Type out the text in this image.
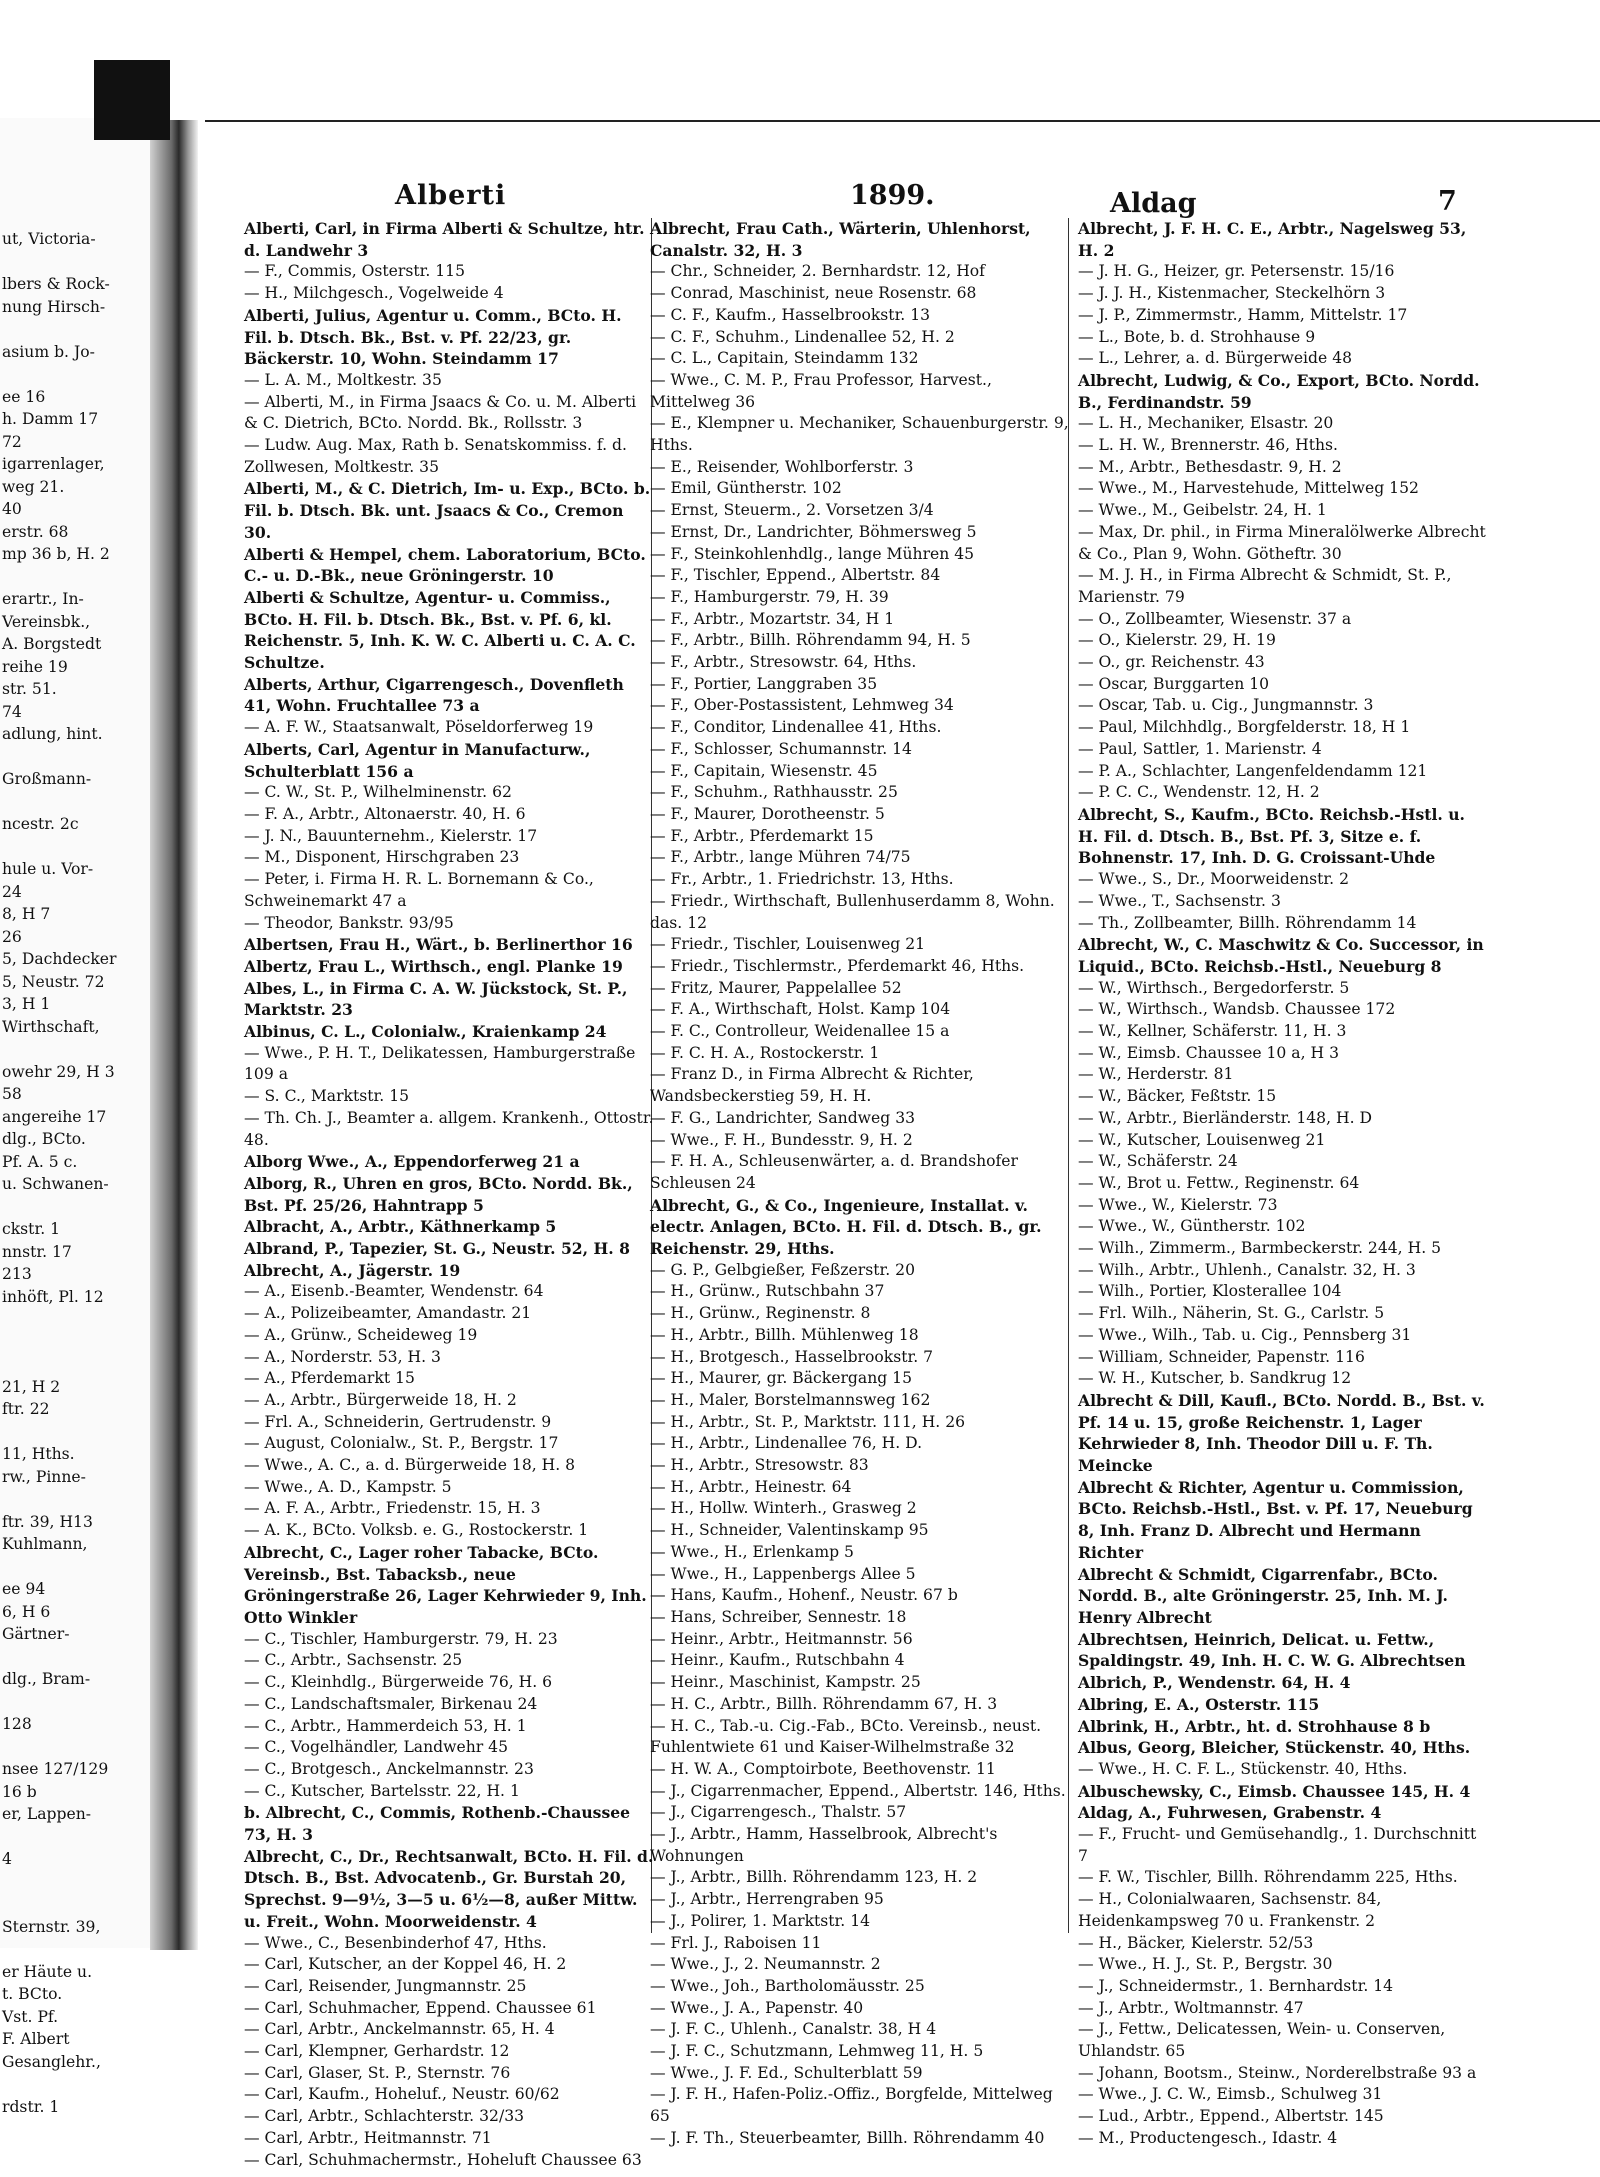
ut, Victoria-
lbers & Rock-
nung Hirsch-
asium b. Jo-
ee 16
h. Damm 17
72
igarrenlager,
weg 21.
40
erstr. 68
mp 36 b, H. 2
erartr., In-
Vereinsbk.,
A. Borgstedt
reihe 19
str. 51.
74
adlung, hint.
Großmann-
ncestr. 2c
hule u. Vor-
24
8, H 7
26
5, Dachdecker
5, Neustr. 72
3, H 1
Wirthschaft,
owehr 29, H 3
58
angereihe 17
dlg., BCto.
Pf. A. 5 c.
u. Schwanen-
ckstr. 1
nnstr. 17
213
inhöft, Pl. 12
21, H 2
ftr. 22
11, Hths.
rw., Pinne-
ftr. 39, H13
Kuhlmann,
ee 94
6, H 6
Gärtner-
dlg., Bram-
128
nsee 127/129
16 b
er, Lappen-
4
Sternstr. 39,
er Häute u.
t. BCto.
Vst. Pf.
F. Albert
Gesanglehr.,
rdstr. 1
Alberti	1899.	Aldag	7
Alberti, Carl, in Firma Alberti & Schultze, htr. d. Landwehr 3
— F., Commis, Osterstr. 115
— H., Milchgesch., Vogelweide 4
Alberti, Julius, Agentur u. Comm., BCto. H. Fil. b. Dtsch. Bk., Bst. v. Pf. 22/23, gr. Bäckerstr. 10, Wohn. Steindamm 17
— L. A. M., Moltkestr. 35
— Alberti, M., in Firma Jsaacs & Co. u. M. Alberti & C. Dietrich, BCto. Nordd. Bk., Rollsstr. 3
— Ludw. Aug. Max, Rath b. Senatskommiss. f. d. Zollwesen, Moltkestr. 35
Alberti, M., & C. Dietrich, Im- u. Exp., BCto. b. Fil. b. Dtsch. Bk. unt. Jsaacs & Co., Cremon 30.
Alberti & Hempel, chem. Laboratorium, BCto. C.- u. D.-Bk., neue Gröningerstr. 10
Alberti & Schultze, Agentur- u. Commiss., BCto. H. Fil. b. Dtsch. Bk., Bst. v. Pf. 6, kl. Reichenstr. 5, Inh. K. W. C. Alberti u. C. A. C. Schultze.
Alberts, Arthur, Cigarrengesch., Dovenfleth 41, Wohn. Fruchtallee 73 a
— A. F. W., Staatsanwalt, Pöseldorferweg 19
Alberts, Carl, Agentur in Manufacturw., Schulterblatt 156 a
— C. W., St. P., Wilhelminenstr. 62
— F. A., Arbtr., Altonaerstr. 40, H. 6
— J. N., Bauunternehm., Kielerstr. 17
— M., Disponent, Hirschgraben 23
— Peter, i. Firma H. R. L. Bornemann & Co., Schweinemarkt 47 a
— Theodor, Bankstr. 93/95
Albertsen, Frau H., Wärt., b. Berlinerthor 16
Albertz, Frau L., Wirthsch., engl. Planke 19
Albes, L., in Firma C. A. W. Jückstock, St. P., Marktstr. 23
Albinus, C. L., Colonialw., Kraienkamp 24
— Wwe., P. H. T., Delikatessen, Hamburgerstraße 109 a
— S. C., Marktstr. 15
— Th. Ch. J., Beamter a. allgem. Krankenh., Ottostr. 48.
Alborg Wwe., A., Eppendorferweg 21 a
Alborg, R., Uhren en gros, BCto. Nordd. Bk., Bst. Pf. 25/26, Hahntrapp 5
Albracht, A., Arbtr., Käthnerkamp 5
Albrand, P., Tapezier, St. G., Neustr. 52, H. 8
Albrecht, A., Jägerstr. 19
— A., Eisenb.-Beamter, Wendenstr. 64
— A., Polizeibeamter, Amandastr. 21
— A., Grünw., Scheideweg 19
— A., Norderstr. 53, H. 3
— A., Pferdemarkt 15
— A., Arbtr., Bürgerweide 18, H. 2
— Frl. A., Schneiderin, Gertrudenstr. 9
— August, Colonialw., St. P., Bergstr. 17
— Wwe., A. C., a. d. Bürgerweide 18, H. 8
— Wwe., A. D., Kampstr. 5
— A. F. A., Arbtr., Friedenstr. 15, H. 3
— A. K., BCto. Volksb. e. G., Rostockerstr. 1
Albrecht, C., Lager roher Tabacke, BCto. Vereinsb., Bst. Tabacksb., neue Gröningerstraße 26, Lager Kehrwieder 9, Inh. Otto Winkler
— C., Tischler, Hamburgerstr. 79, H. 23
— C., Arbtr., Sachsenstr. 25
— C., Kleinhdlg., Bürgerweide 76, H. 6
— C., Landschaftsmaler, Birkenau 24
— C., Arbtr., Hammerdeich 53, H. 1
— C., Vogelhändler, Landwehr 45
— C., Brotgesch., Anckelmannstr. 23
— C., Kutscher, Bartelsstr. 22, H. 1
b. Albrecht, C., Commis, Rothenb.-Chaussee 73, H. 3
Albrecht, C., Dr., Rechtsanwalt, BCto. H. Fil. d. Dtsch. B., Bst. Advocatenb., Gr. Burstah 20, Sprechst. 9—9½, 3—5 u. 6½—8, außer Mittw. u. Freit., Wohn. Moorweidenstr. 4
— Wwe., C., Besenbinderhof 47, Hths.
— Carl, Kutscher, an der Koppel 46, H. 2
— Carl, Reisender, Jungmannstr. 25
— Carl, Schuhmacher, Eppend. Chaussee 61
— Carl, Arbtr., Anckelmannstr. 65, H. 4
— Carl, Klempner, Gerhardstr. 12
— Carl, Glaser, St. P., Sternstr. 76
— Carl, Kaufm., Hoheluf., Neustr. 60/62
— Carl, Arbtr., Schlachterstr. 32/33
— Carl, Arbtr., Heitmannstr. 71
— Carl, Schuhmachermstr., Hoheluft Chaussee 63
Albrecht, Frau Cath., Wärterin, Uhlenhorst, Canalstr. 32, H. 3
— Chr., Schneider, 2. Bernhardstr. 12, Hof
— Conrad, Maschinist, neue Rosenstr. 68
— C. F., Kaufm., Hasselbrookstr. 13
— C. F., Schuhm., Lindenallee 52, H. 2
— C. L., Capitain, Steindamm 132
— Wwe., C. M. P., Frau Professor, Harvest., Mittelweg 36
— E., Klempner u. Mechaniker, Schauenburgerstr. 9, Hths.
— E., Reisender, Wohlborferstr. 3
— Emil, Güntherstr. 102
— Ernst, Steuerm., 2. Vorsetzen 3/4
— Ernst, Dr., Landrichter, Böhmersweg 5
— F., Steinkohlenhdlg., lange Mühren 45
— F., Tischler, Eppend., Albertstr. 84
— F., Hamburgerstr. 79, H. 39
— F., Arbtr., Mozartstr. 34, H 1
— F., Arbtr., Billh. Röhrendamm 94, H. 5
— F., Arbtr., Stresowstr. 64, Hths.
— F., Portier, Langgraben 35
— F., Ober-Postassistent, Lehmweg 34
— F., Conditor, Lindenallee 41, Hths.
— F., Schlosser, Schumannstr. 14
— F., Capitain, Wiesenstr. 45
— F., Schuhm., Rathhausstr. 25
— F., Maurer, Dorotheenstr. 5
— F., Arbtr., Pferdemarkt 15
— F., Arbtr., lange Mühren 74/75
— Fr., Arbtr., 1. Friedrichstr. 13, Hths.
— Friedr., Wirthschaft, Bullenhuserdamm 8, Wohn. das. 12
— Friedr., Tischler, Louisenweg 21
— Friedr., Tischlermstr., Pferdemarkt 46, Hths.
— Fritz, Maurer, Pappelallee 52
— F. A., Wirthschaft, Holst. Kamp 104
— F. C., Controlleur, Weidenallee 15 a
— F. C. H. A., Rostockerstr. 1
— Franz D., in Firma Albrecht & Richter, Wandsbeckerstieg 59, H. H.
— F. G., Landrichter, Sandweg 33
— Wwe., F. H., Bundesstr. 9, H. 2
— F. H. A., Schleusenwärter, a. d. Brandshofer Schleusen 24
Albrecht, G., & Co., Ingenieure, Installat. v. electr. Anlagen, BCto. H. Fil. d. Dtsch. B., gr. Reichenstr. 29, Hths.
— G. P., Gelbgießer, Feßzerstr. 20
— H., Grünw., Rutschbahn 37
— H., Grünw., Reginenstr. 8
— H., Arbtr., Billh. Mühlenweg 18
— H., Brotgesch., Hasselbrookstr. 7
— H., Maurer, gr. Bäckergang 15
— H., Maler, Borstelmannsweg 162
— H., Arbtr., St. P., Marktstr. 111, H. 26
— H., Arbtr., Lindenallee 76, H. D.
— H., Arbtr., Stresowstr. 83
— H., Arbtr., Heinestr. 64
— H., Hollw. Winterh., Grasweg 2
— H., Schneider, Valentinskamp 95
— Wwe., H., Erlenkamp 5
— Wwe., H., Lappenbergs Allee 5
— Hans, Kaufm., Hohenf., Neustr. 67 b
— Hans, Schreiber, Sennestr. 18
— Heinr., Arbtr., Heitmannstr. 56
— Heinr., Kaufm., Rutschbahn 4
— Heinr., Maschinist, Kampstr. 25
— H. C., Arbtr., Billh. Röhrendamm 67, H. 3
— H. C., Tab.-u. Cig.-Fab., BCto. Vereinsb., neust. Fuhlentwiete 61 und Kaiser-Wilhelmstraße 32
— H. W. A., Comptoirbote, Beethovenstr. 11
— J., Cigarrenmacher, Eppend., Albertstr. 146, Hths.
— J., Cigarrengesch., Thalstr. 57
— J., Arbtr., Hamm, Hasselbrook, Albrecht's Wohnungen
— J., Arbtr., Billh. Röhrendamm 123, H. 2
— J., Arbtr., Herrengraben 95
— J., Polirer, 1. Marktstr. 14
— Frl. J., Raboisen 11
— Wwe., J., 2. Neumannstr. 2
— Wwe., Joh., Bartholomäusstr. 25
— Wwe., J. A., Papenstr. 40
— J. F. C., Uhlenh., Canalstr. 38, H 4
— J. F. C., Schutzmann, Lehmweg 11, H. 5
— Wwe., J. F. Ed., Schulterblatt 59
— J. F. H., Hafen-Poliz.-Offiz., Borgfelde, Mittelweg 65
— J. F. Th., Steuerbeamter, Billh. Röhrendamm 40
Albrecht, J. F. H. C. E., Arbtr., Nagelsweg 53, H. 2
— J. H. G., Heizer, gr. Petersenstr. 15/16
— J. J. H., Kistenmacher, Steckelhörn 3
— J. P., Zimmermstr., Hamm, Mittelstr. 17
— L., Bote, b. d. Strohhause 9
— L., Lehrer, a. d. Bürgerweide 48
Albrecht, Ludwig, & Co., Export, BCto. Nordd. B., Ferdinandstr. 59
— L. H., Mechaniker, Elsastr. 20
— L. H. W., Brennerstr. 46, Hths.
— M., Arbtr., Bethesdastr. 9, H. 2
— Wwe., M., Harvestehude, Mittelweg 152
— Wwe., M., Geibelstr. 24, H. 1
— Max, Dr. phil., in Firma Mineralölwerke Albrecht & Co., Plan 9, Wohn. Götheftr. 30
— M. J. H., in Firma Albrecht & Schmidt, St. P., Marienstr. 79
— O., Zollbeamter, Wiesenstr. 37 a
— O., Kielerstr. 29, H. 19
— O., gr. Reichenstr. 43
— Oscar, Burggarten 10
— Oscar, Tab. u. Cig., Jungmannstr. 3
— Paul, Milchhdlg., Borgfelderstr. 18, H 1
— Paul, Sattler, 1. Marienstr. 4
— P. A., Schlachter, Langenfeldendamm 121
— P. C. C., Wendenstr. 12, H. 2
Albrecht, S., Kaufm., BCto. Reichsb.-Hstl. u. H. Fil. d. Dtsch. B., Bst. Pf. 3, Sitze e. f. Bohnenstr. 17, Inh. D. G. Croissant-Uhde
— Wwe., S., Dr., Moorweidenstr. 2
— Wwe., T., Sachsenstr. 3
— Th., Zollbeamter, Billh. Röhrendamm 14
Albrecht, W., C. Maschwitz & Co. Successor, in Liquid., BCto. Reichsb.-Hstl., Neueburg 8
— W., Wirthsch., Bergedorferstr. 5
— W., Wirthsch., Wandsb. Chaussee 172
— W., Kellner, Schäferstr. 11, H. 3
— W., Eimsb. Chaussee 10 a, H 3
— W., Herderstr. 81
— W., Bäcker, Feßtstr. 15
— W., Arbtr., Bierländerstr. 148, H. D
— W., Kutscher, Louisenweg 21
— W., Schäferstr. 24
— W., Brot u. Fettw., Reginenstr. 64
— Wwe., W., Kielerstr. 73
— Wwe., W., Güntherstr. 102
— Wilh., Zimmerm., Barmbeckerstr. 244, H. 5
— Wilh., Arbtr., Uhlenh., Canalstr. 32, H. 3
— Wilh., Portier, Klosterallee 104
— Frl. Wilh., Näherin, St. G., Carlstr. 5
— Wwe., Wilh., Tab. u. Cig., Pennsberg 31
— William, Schneider, Papenstr. 116
— W. H., Kutscher, b. Sandkrug 12
Albrecht & Dill, Kaufl., BCto. Nordd. B., Bst. v. Pf. 14 u. 15, große Reichenstr. 1, Lager Kehrwieder 8, Inh. Theodor Dill u. F. Th. Meincke
Albrecht & Richter, Agentur u. Commission, BCto. Reichsb.-Hstl., Bst. v. Pf. 17, Neueburg 8, Inh. Franz D. Albrecht und Hermann Richter
Albrecht & Schmidt, Cigarrenfabr., BCto. Nordd. B., alte Gröningerstr. 25, Inh. M. J. Henry Albrecht
Albrechtsen, Heinrich, Delicat. u. Fettw., Spaldingstr. 49, Inh. H. C. W. G. Albrechtsen
Albrich, P., Wendenstr. 64, H. 4
Albring, E. A., Osterstr. 115
Albrink, H., Arbtr., ht. d. Strohhause 8 b
Albus, Georg, Bleicher, Stückenstr. 40, Hths.
— Wwe., H. C. F. L., Stückenstr. 40, Hths.
Albuschewsky, C., Eimsb. Chaussee 145, H. 4
Aldag, A., Fuhrwesen, Grabenstr. 4
— F., Frucht- und Gemüsehandlg., 1. Durchschnitt 7
— F. W., Tischler, Billh. Röhrendamm 225, Hths.
— H., Colonialwaaren, Sachsenstr. 84, Heidenkampsweg 70 u. Frankenstr. 2
— H., Bäcker, Kielerstr. 52/53
— Wwe., H. J., St. P., Bergstr. 30
— J., Schneidermstr., 1. Bernhardstr. 14
— J., Arbtr., Woltmannstr. 47
— J., Fettw., Delicatessen, Wein- u. Conserven, Uhlandstr. 65
— Johann, Bootsm., Steinw., Norderelbstraße 93 a
— Wwe., J. C. W., Eimsb., Schulweg 31
— Lud., Arbtr., Eppend., Albertstr. 145
— M., Productengesch., Idastr. 4
